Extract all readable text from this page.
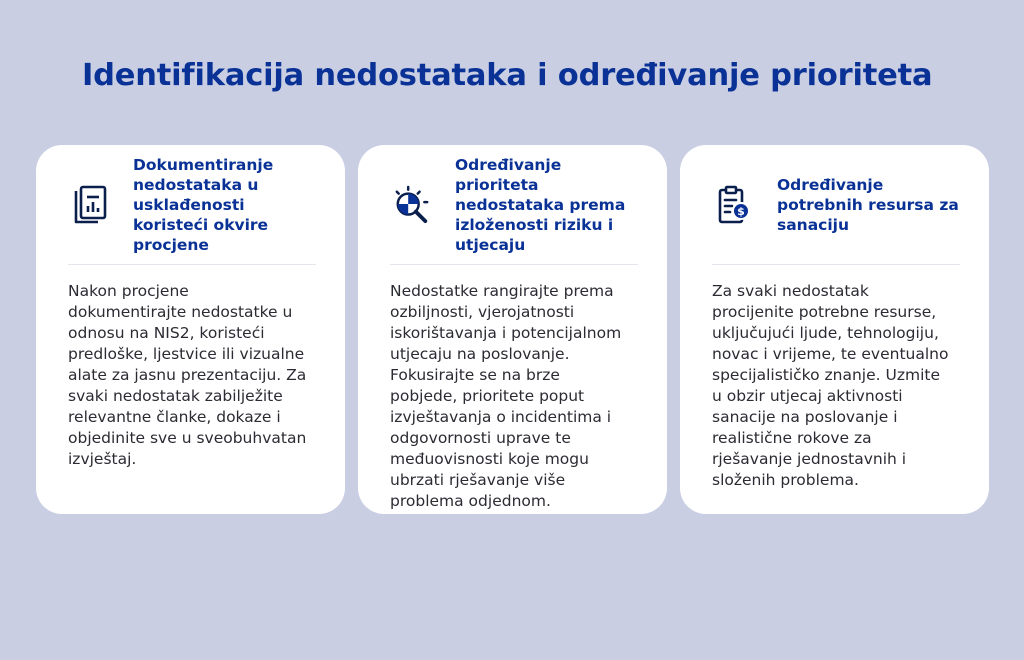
Identifikacija nedostataka i određivanje prioriteta
Dokumentiranje nedostataka u usklađenosti koristeći okvire procjene
Nakon procjene dokumentirajte nedostatke u odnosu na NIS2, koristeći predloške, ljestvice ili vizualne alate za jasnu prezentaciju. Za svaki nedostatak zabilježite relevantne članke, dokaze i objedinite sve u sveobuhvatan izvještaj.
Određivanje prioriteta nedostataka prema izloženosti riziku i utjecaju
Nedostatke rangirajte prema ozbiljnosti, vjerojatnosti iskorištavanja i potencijalnom utjecaju na poslovanje. Fokusirajte se na brze pobjede, prioritete poput izvještavanja o incidentima i odgovornosti uprave te međuovisnosti koje mogu ubrzati rješavanje više problema odjednom.
$
Određivanje potrebnih resursa za sanaciju
Za svaki nedostatak procijenite potrebne resurse, uključujući ljude, tehnologiju, novac i vrijeme, te eventualno specijalističko znanje. Uzmite u obzir utjecaj aktivnosti sanacije na poslovanje i realistične rokove za rješavanje jednostavnih i složenih problema.
